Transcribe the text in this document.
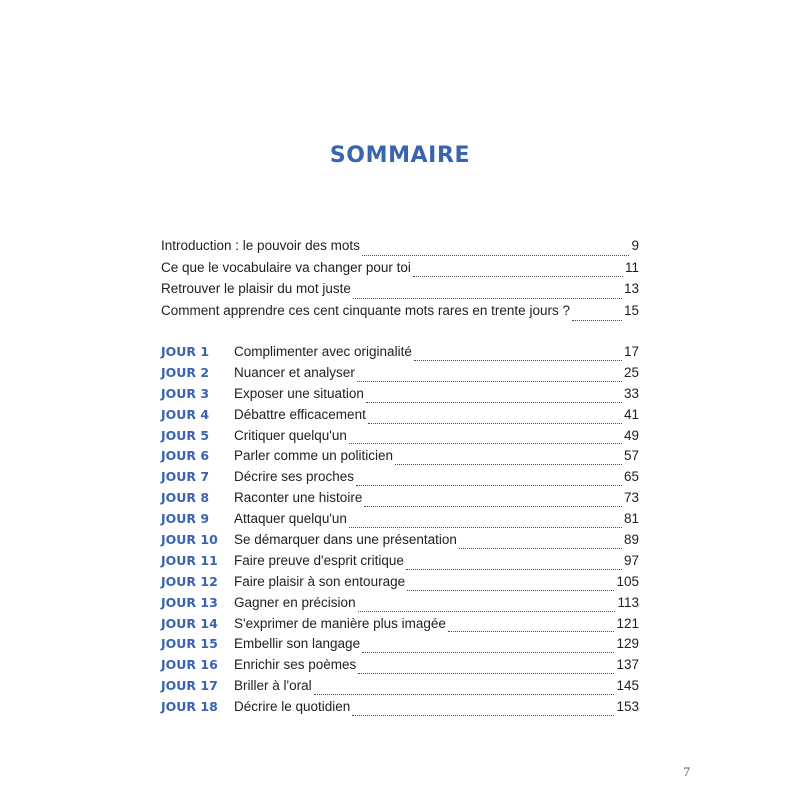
SOMMAIRE
Introduction : le pouvoir des mots	9
Ce que le vocabulaire va changer pour toi	11
Retrouver le plaisir du mot juste	13
Comment apprendre ces cent cinquante mots rares en trente jours ?	15
JOUR 1	Complimenter avec originalité	17
JOUR 2	Nuancer et analyser	25
JOUR 3	Exposer une situation	33
JOUR 4	Débattre efficacement	41
JOUR 5	Critiquer quelqu'un	49
JOUR 6	Parler comme un politicien	57
JOUR 7	Décrire ses proches	65
JOUR 8	Raconter une histoire	73
JOUR 9	Attaquer quelqu'un	81
JOUR 10	Se démarquer dans une présentation	89
JOUR 11	Faire preuve d'esprit critique	97
JOUR 12	Faire plaisir à son entourage	105
JOUR 13	Gagner en précision	113
JOUR 14	S'exprimer de manière plus imagée	121
JOUR 15	Embellir son langage	129
JOUR 16	Enrichir ses poèmes	137
JOUR 17	Briller à l'oral	145
JOUR 18	Décrire le quotidien	153
7
